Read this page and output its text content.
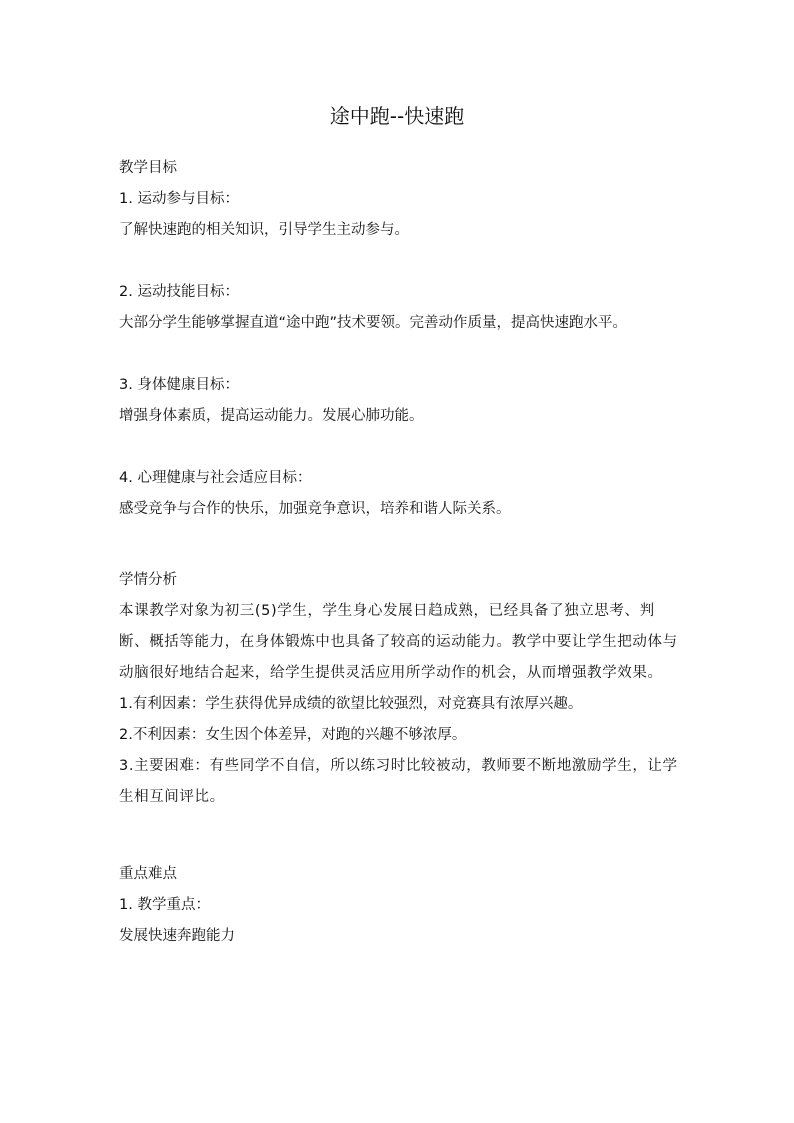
途中跑--快速跑

教学目标

1. 运动参与目标：

了解快速跑的相关知识，引导学生主动参与。

2. 运动技能目标：

大部分学生能够掌握直道“途中跑”技术要领。完善动作质量，提高快速跑水平。

3. 身体健康目标：

增强身体素质，提高运动能力。发展心肺功能。

4. 心理健康与社会适应目标：

感受竞争与合作的快乐，加强竞争意识，培养和谐人际关系。

学情分析

本课教学对象为初三(5)学生，学生身心发展日趋成熟，已经具备了独立思考、判断、概括等能力，在身体锻炼中也具备了较高的运动能力。教学中要让学生把动体与动脑很好地结合起来，给学生提供灵活应用所学动作的机会，从而增强教学效果。

1.有利因素：学生获得优异成绩的欲望比较强烈，对竞赛具有浓厚兴趣。

2.不利因素：女生因个体差异，对跑的兴趣不够浓厚。

3.主要困难：有些同学不自信，所以练习时比较被动，教师要不断地激励学生，让学生相互间评比。

重点难点

1. 教学重点：

发展快速奔跑能力
